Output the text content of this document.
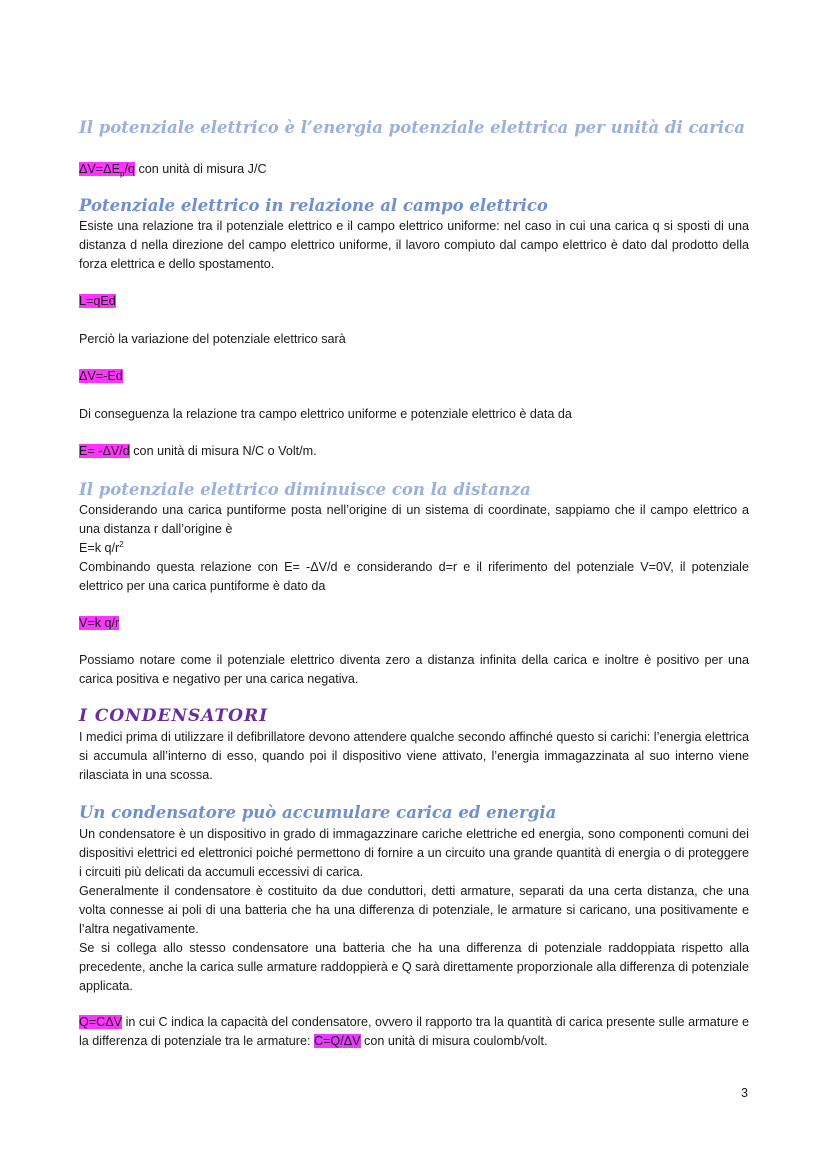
Il potenziale elettrico è l’energia potenziale elettrica per unità di carica

$\Delta V=\Delta E_p/q$ con unità di misura J/C

Potenziale elettrico in relazione al campo elettrico

Esiste una relazione tra il potenziale elettrico e il campo elettrico uniforme: nel caso in cui una carica q si sposti di una distanza d nella direzione del campo elettrico uniforme, il lavoro compiuto dal campo elettrico è dato dal prodotto della forza elettrica e dello spostamento.

L=qEd

Perciò la variazione del potenziale elettrico sarà

ΔV=-Ed

Di conseguenza la relazione tra campo elettrico uniforme e potenziale elettrico è data da

E= -ΔV/d con unità di misura N/C o Volt/m.

Il potenziale elettrico diminuisce con la distanza

Considerando una carica puntiforme posta nell’origine di un sistema di coordinate, sappiamo che il campo elettrico a una distanza r dall’origine è

E=k $q/r^2$

Combinando questa relazione con E= -ΔV/d e considerando d=r e il riferimento del potenziale V=0V, il potenziale elettrico per una carica puntiforme è dato da

V=k q/r

Possiamo notare come il potenziale elettrico diventa zero a distanza infinita della carica e inoltre è positivo per una carica positiva e negativo per una carica negativa.

I CONDENSATORI

I medici prima di utilizzare il defibrillatore devono attendere qualche secondo affinché questo si carichi: l’energia elettrica si accumula all’interno di esso, quando poi il dispositivo viene attivato, l’energia immagazzinata al suo interno viene rilasciata in una scossa.

Un condensatore può accumulare carica ed energia

Un condensatore è un dispositivo in grado di immagazzinare cariche elettriche ed energia, sono componenti comuni dei dispositivi elettrici ed elettronici poiché permettono di fornire a un circuito una grande quantità di energia o di proteggere i circuiti più delicati da accumuli eccessivi di carica.

Generalmente il condensatore è costituito da due conduttori, detti armature, separati da una certa distanza, che una volta connesse ai poli di una batteria che ha una differenza di potenziale, le armature si caricano, una positivamente e l’altra negativamente.

Se si collega allo stesso condensatore una batteria che ha una differenza di potenziale raddoppiata rispetto alla precedente, anche la carica sulle armature raddoppierà e Q sarà direttamente proporzionale alla differenza di potenziale applicata.

Q=CΔV in cui C indica la capacità del condensatore, ovvero il rapporto tra la quantità di carica presente sulle armature e la differenza di potenziale tra le armature: C=Q/ΔV con unità di misura coulomb/volt.

3
